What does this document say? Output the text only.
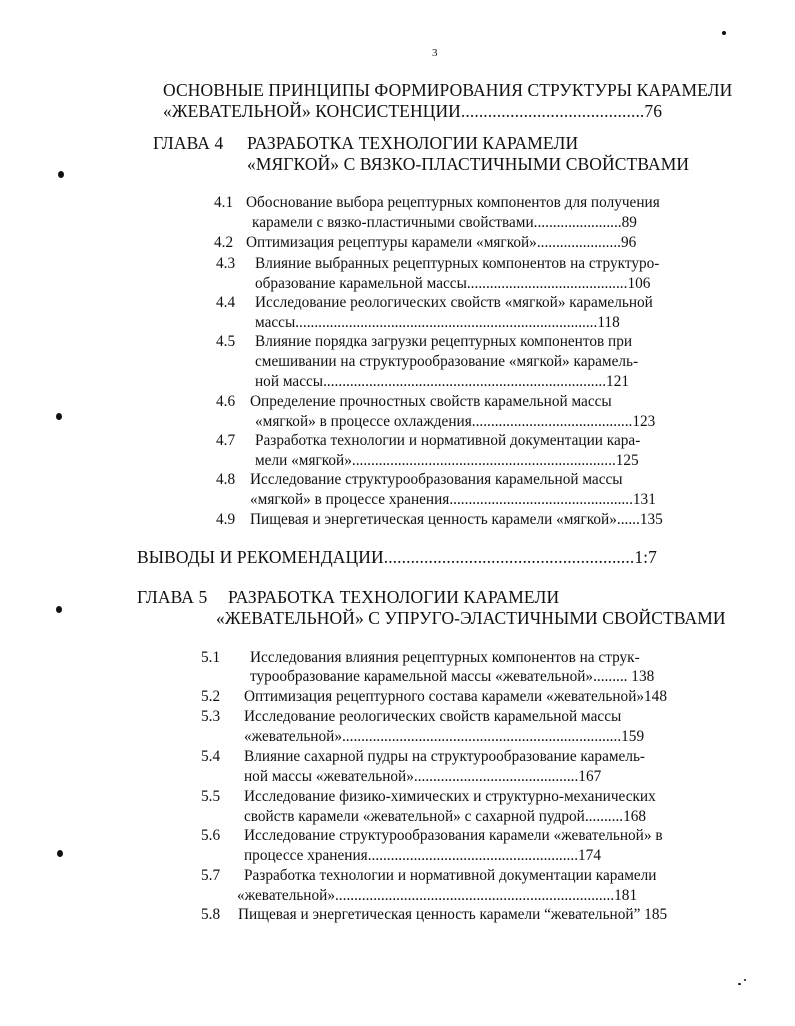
3
ОСНОВНЫЕ ПРИНЦИПЫ ФОРМИРОВАНИЯ СТРУКТУРЫ КАРАМЕЛИ
«ЖЕВАТЕЛЬНОЙ» КОНСИСТЕНЦИИ.........................................76
ГЛАВА 4 РАЗРАБОТКА ТЕХНОЛОГИИ КАРАМЕЛИ
«МЯГКОЙ» С ВЯЗКО-ПЛАСТИЧНЫМИ СВОЙСТВАМИ
4.1 Обоснование выбора рецептурных компонентов для получения
карамели с вязко-пластичными свойствами.......................89
4.2 Оптимизация рецептуры карамели «мягкой»......................96
4.3 Влияние выбранных рецептурных компонентов на структуро-
образование карамельной массы..........................................106
4.4 Исследование реологических свойств «мягкой» карамельной
массы...............................................................................118
4.5 Влияние порядка загрузки рецептурных компонентов при
смешивании на структурообразование «мягкой» карамель-
ной массы..........................................................................121
4.6 Определение прочностных свойств карамельной массы
«мягкой» в процессе охлаждения..........................................123
4.7 Разработка технологии и нормативной документации кара-
мели «мягкой».....................................................................125
4.8 Исследование структурообразования карамельной массы
«мягкой» в процессе хранения................................................131
4.9 Пищевая и энергетическая ценность карамели «мягкой»......135
ВЫВОДЫ И РЕКОМЕНДАЦИИ........................................................1:7
ГЛАВА 5 РАЗРАБОТКА ТЕХНОЛОГИИ КАРАМЕЛИ
«ЖЕВАТЕЛЬНОЙ» С УПРУГО-ЭЛАСТИЧНЫМИ СВОЙСТВАМИ
5.1 Исследования влияния рецептурных компонентов на струк-
турообразование карамельной массы «жевательной»......... 138
5.2 Оптимизация рецептурного состава карамели «жевательной»148
5.3 Исследование реологических свойств карамельной массы
«жевательной».........................................................................159
5.4 Влияние сахарной пудры на структурообразование карамель-
ной массы «жевательной»...........................................167
5.5 Исследование физико-химических и структурно-механических
свойств карамели «жевательной» с сахарной пудрой..........168
5.6 Исследование структурообразования карамели «жевательной» в
процессе хранения.......................................................174
5.7 Разработка технологии и нормативной документации карамели
«жевательной».........................................................................181
5.8 Пищевая и энергетическая ценность карамели “жевательной” 185
